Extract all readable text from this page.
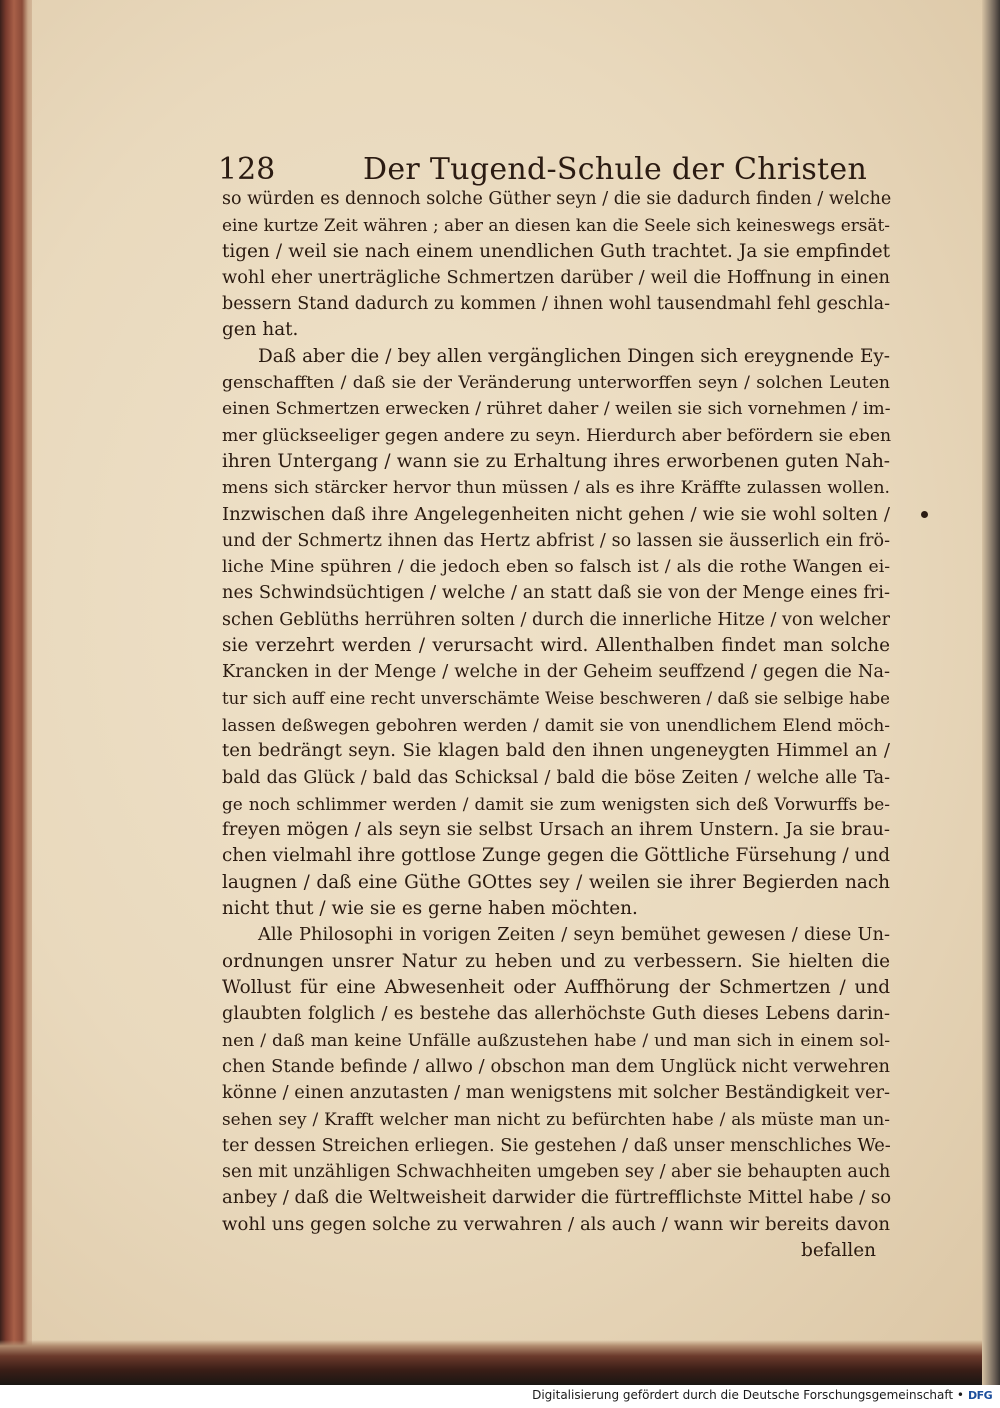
128	Der Tugend-Schule der Christen
so würden es dennoch solche Güther seyn / die sie dadurch finden / welche
eine kurtze Zeit währen ; aber an diesen kan die Seele sich keineswegs ersät-
tigen / weil sie nach einem unendlichen Guth trachtet. Ja sie empfindet
wohl eher unerträgliche Schmertzen darüber / weil die Hoffnung in einen
bessern Stand dadurch zu kommen / ihnen wohl tausendmahl fehl geschla-
gen hat.
Daß aber die / bey allen vergänglichen Dingen sich ereygnende Ey-
genschafften / daß sie der Veränderung unterworffen seyn / solchen Leuten
einen Schmertzen erwecken / rühret daher / weilen sie sich vornehmen / im-
mer glückseeliger gegen andere zu seyn. Hierdurch aber befördern sie eben
ihren Untergang / wann sie zu Erhaltung ihres erworbenen guten Nah-
mens sich stärcker hervor thun müssen / als es ihre Kräffte zulassen wollen.
Inzwischen daß ihre Angelegenheiten nicht gehen / wie sie wohl solten /
und der Schmertz ihnen das Hertz abfrist / so lassen sie äusserlich ein frö-
liche Mine spühren / die jedoch eben so falsch ist / als die rothe Wangen ei-
nes Schwindsüchtigen / welche / an statt daß sie von der Menge eines fri-
schen Geblüths herrühren solten / durch die innerliche Hitze / von welcher
sie verzehrt werden / verursacht wird. Allenthalben findet man solche
Krancken in der Menge / welche in der Geheim seuffzend / gegen die Na-
tur sich auff eine recht unverschämte Weise beschweren / daß sie selbige habe
lassen deßwegen gebohren werden / damit sie von unendlichem Elend möch-
ten bedrängt seyn. Sie klagen bald den ihnen ungeneygten Himmel an /
bald das Glück / bald das Schicksal / bald die böse Zeiten / welche alle Ta-
ge noch schlimmer werden / damit sie zum wenigsten sich deß Vorwurffs be-
freyen mögen / als seyn sie selbst Ursach an ihrem Unstern. Ja sie brau-
chen vielmahl ihre gottlose Zunge gegen die Göttliche Fürsehung / und
laugnen / daß eine Güthe GOttes sey / weilen sie ihrer Begierden nach
nicht thut / wie sie es gerne haben möchten.
Alle Philosophi in vorigen Zeiten / seyn bemühet gewesen / diese Un-
ordnungen unsrer Natur zu heben und zu verbessern. Sie hielten die
Wollust für eine Abwesenheit oder Auffhörung der Schmertzen / und
glaubten folglich / es bestehe das allerhöchste Guth dieses Lebens darin-
nen / daß man keine Unfälle außzustehen habe / und man sich in einem sol-
chen Stande befinde / allwo / obschon man dem Unglück nicht verwehren
könne / einen anzutasten / man wenigstens mit solcher Beständigkeit ver-
sehen sey / Krafft welcher man nicht zu befürchten habe / als müste man un-
ter dessen Streichen erliegen. Sie gestehen / daß unser menschliches We-
sen mit unzähligen Schwachheiten umgeben sey / aber sie behaupten auch
anbey / daß die Weltweisheit darwider die fürtrefflichste Mittel habe / so
wohl uns gegen solche zu verwahren / als auch / wann wir bereits davon
befallen
Digitalisierung gefördert durch die Deutsche Forschungsgemeinschaft • DFG
